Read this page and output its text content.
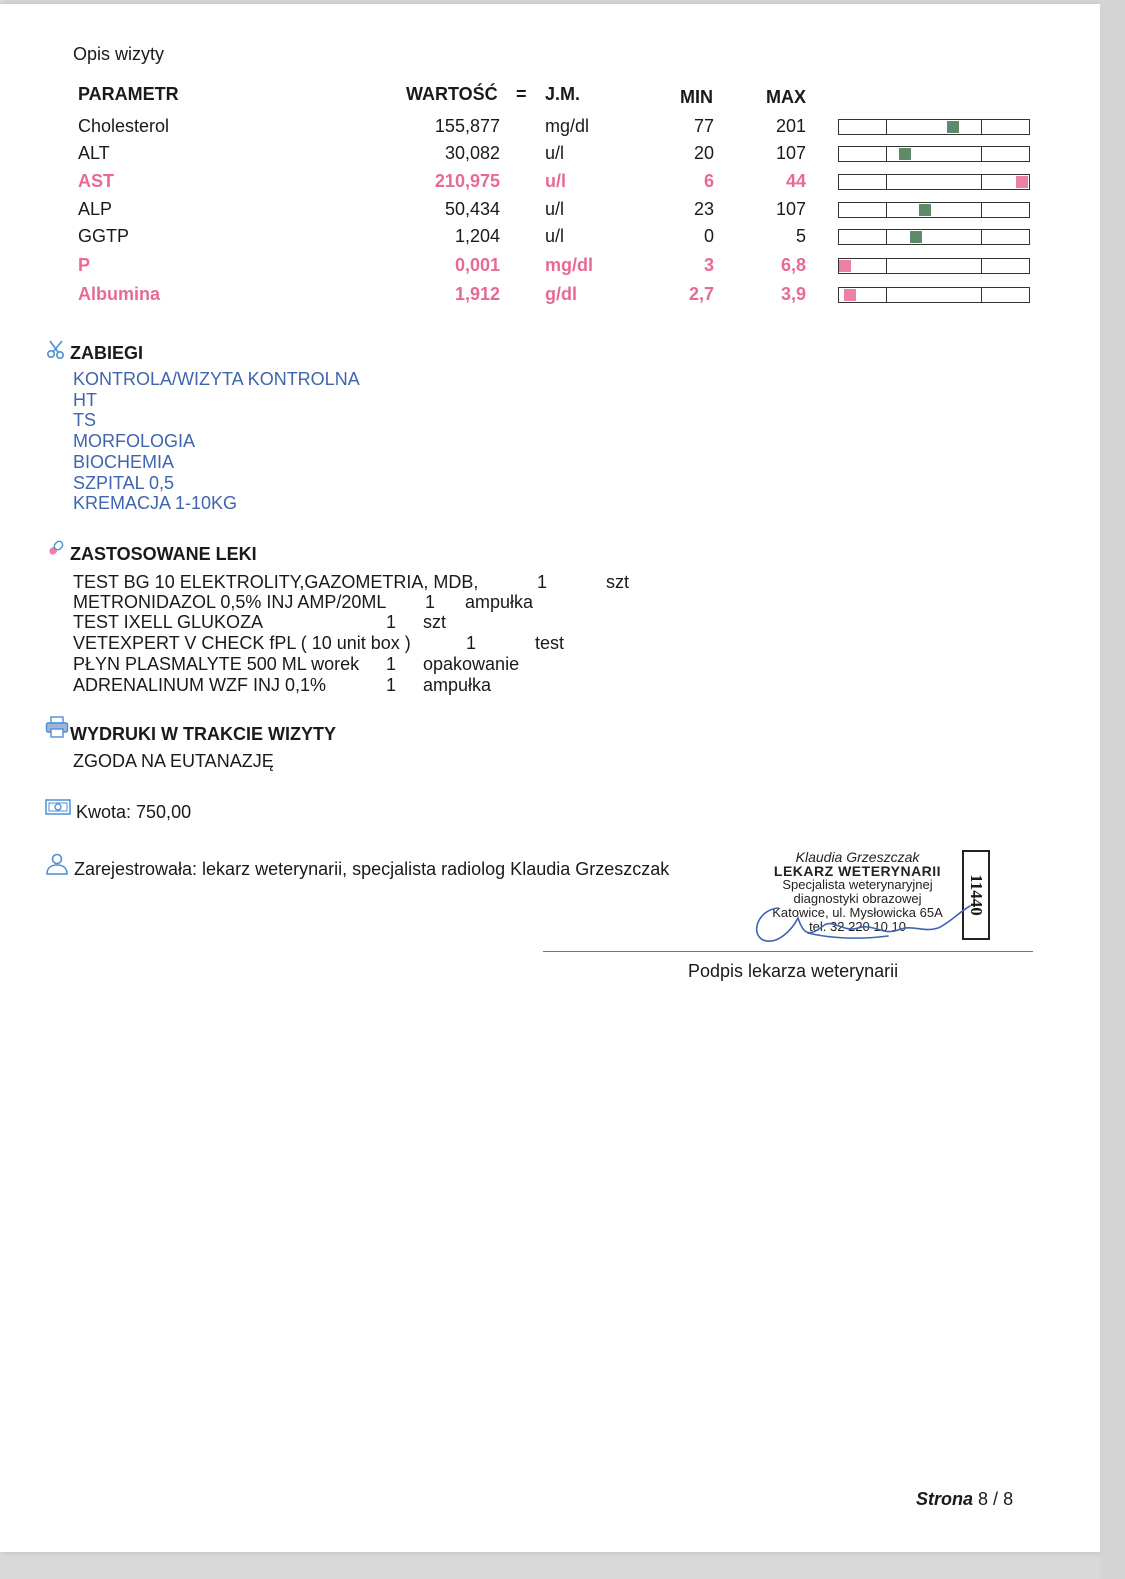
Opis wizyty
PARAMETR	WARTOŚĆ = J.M.	MIN	MAX
Cholesterol	155,877	mg/dl	77	201
ALT	30,082	u/l	20	107
AST	210,975	u/l	6	44
ALP	50,434	u/l	23	107
GGTP	1,204	u/l	0	5
P	0,001	mg/dl	3	6,8
Albumina	1,912	g/dl	2,7	3,9
ZABIEGI
KONTROLA/WIZYTA KONTROLNA
HT
TS
MORFOLOGIA
BIOCHEMIA
SZPITAL 0,5
KREMACJA 1-10KG
ZASTOSOWANE LEKI
TEST BG 10 ELEKTROLITY,GAZOMETRIA, MDB,	1	szt
METRONIDAZOL 0,5% INJ AMP/20ML 1 ampułka
TEST IXELL GLUKOZA	1 szt
VETEXPERT V CHECK fPL ( 10 unit box )	1	test
PŁYN PLASMALYTE 500 ML worek 1 opakowanie
ADRENALINUM WZF INJ 0,1%	1 ampułka
WYDRUKI W TRAKCIE WIZYTY
ZGODA NA EUTANAZJĘ
Kwota: 750,00
Zarejestrowała: lekarz weterynarii, specjalista radiolog Klaudia Grzeszczak
Klaudia Grzeszczak
LEKARZ WETERYNARII
Specjalista weterynaryjnej
diagnostyki obrazowej
Katowice, ul. Mysłowicka 65A
tel. 32 220 10 10
11440
Podpis lekarza weterynarii
Strona 8 / 8
